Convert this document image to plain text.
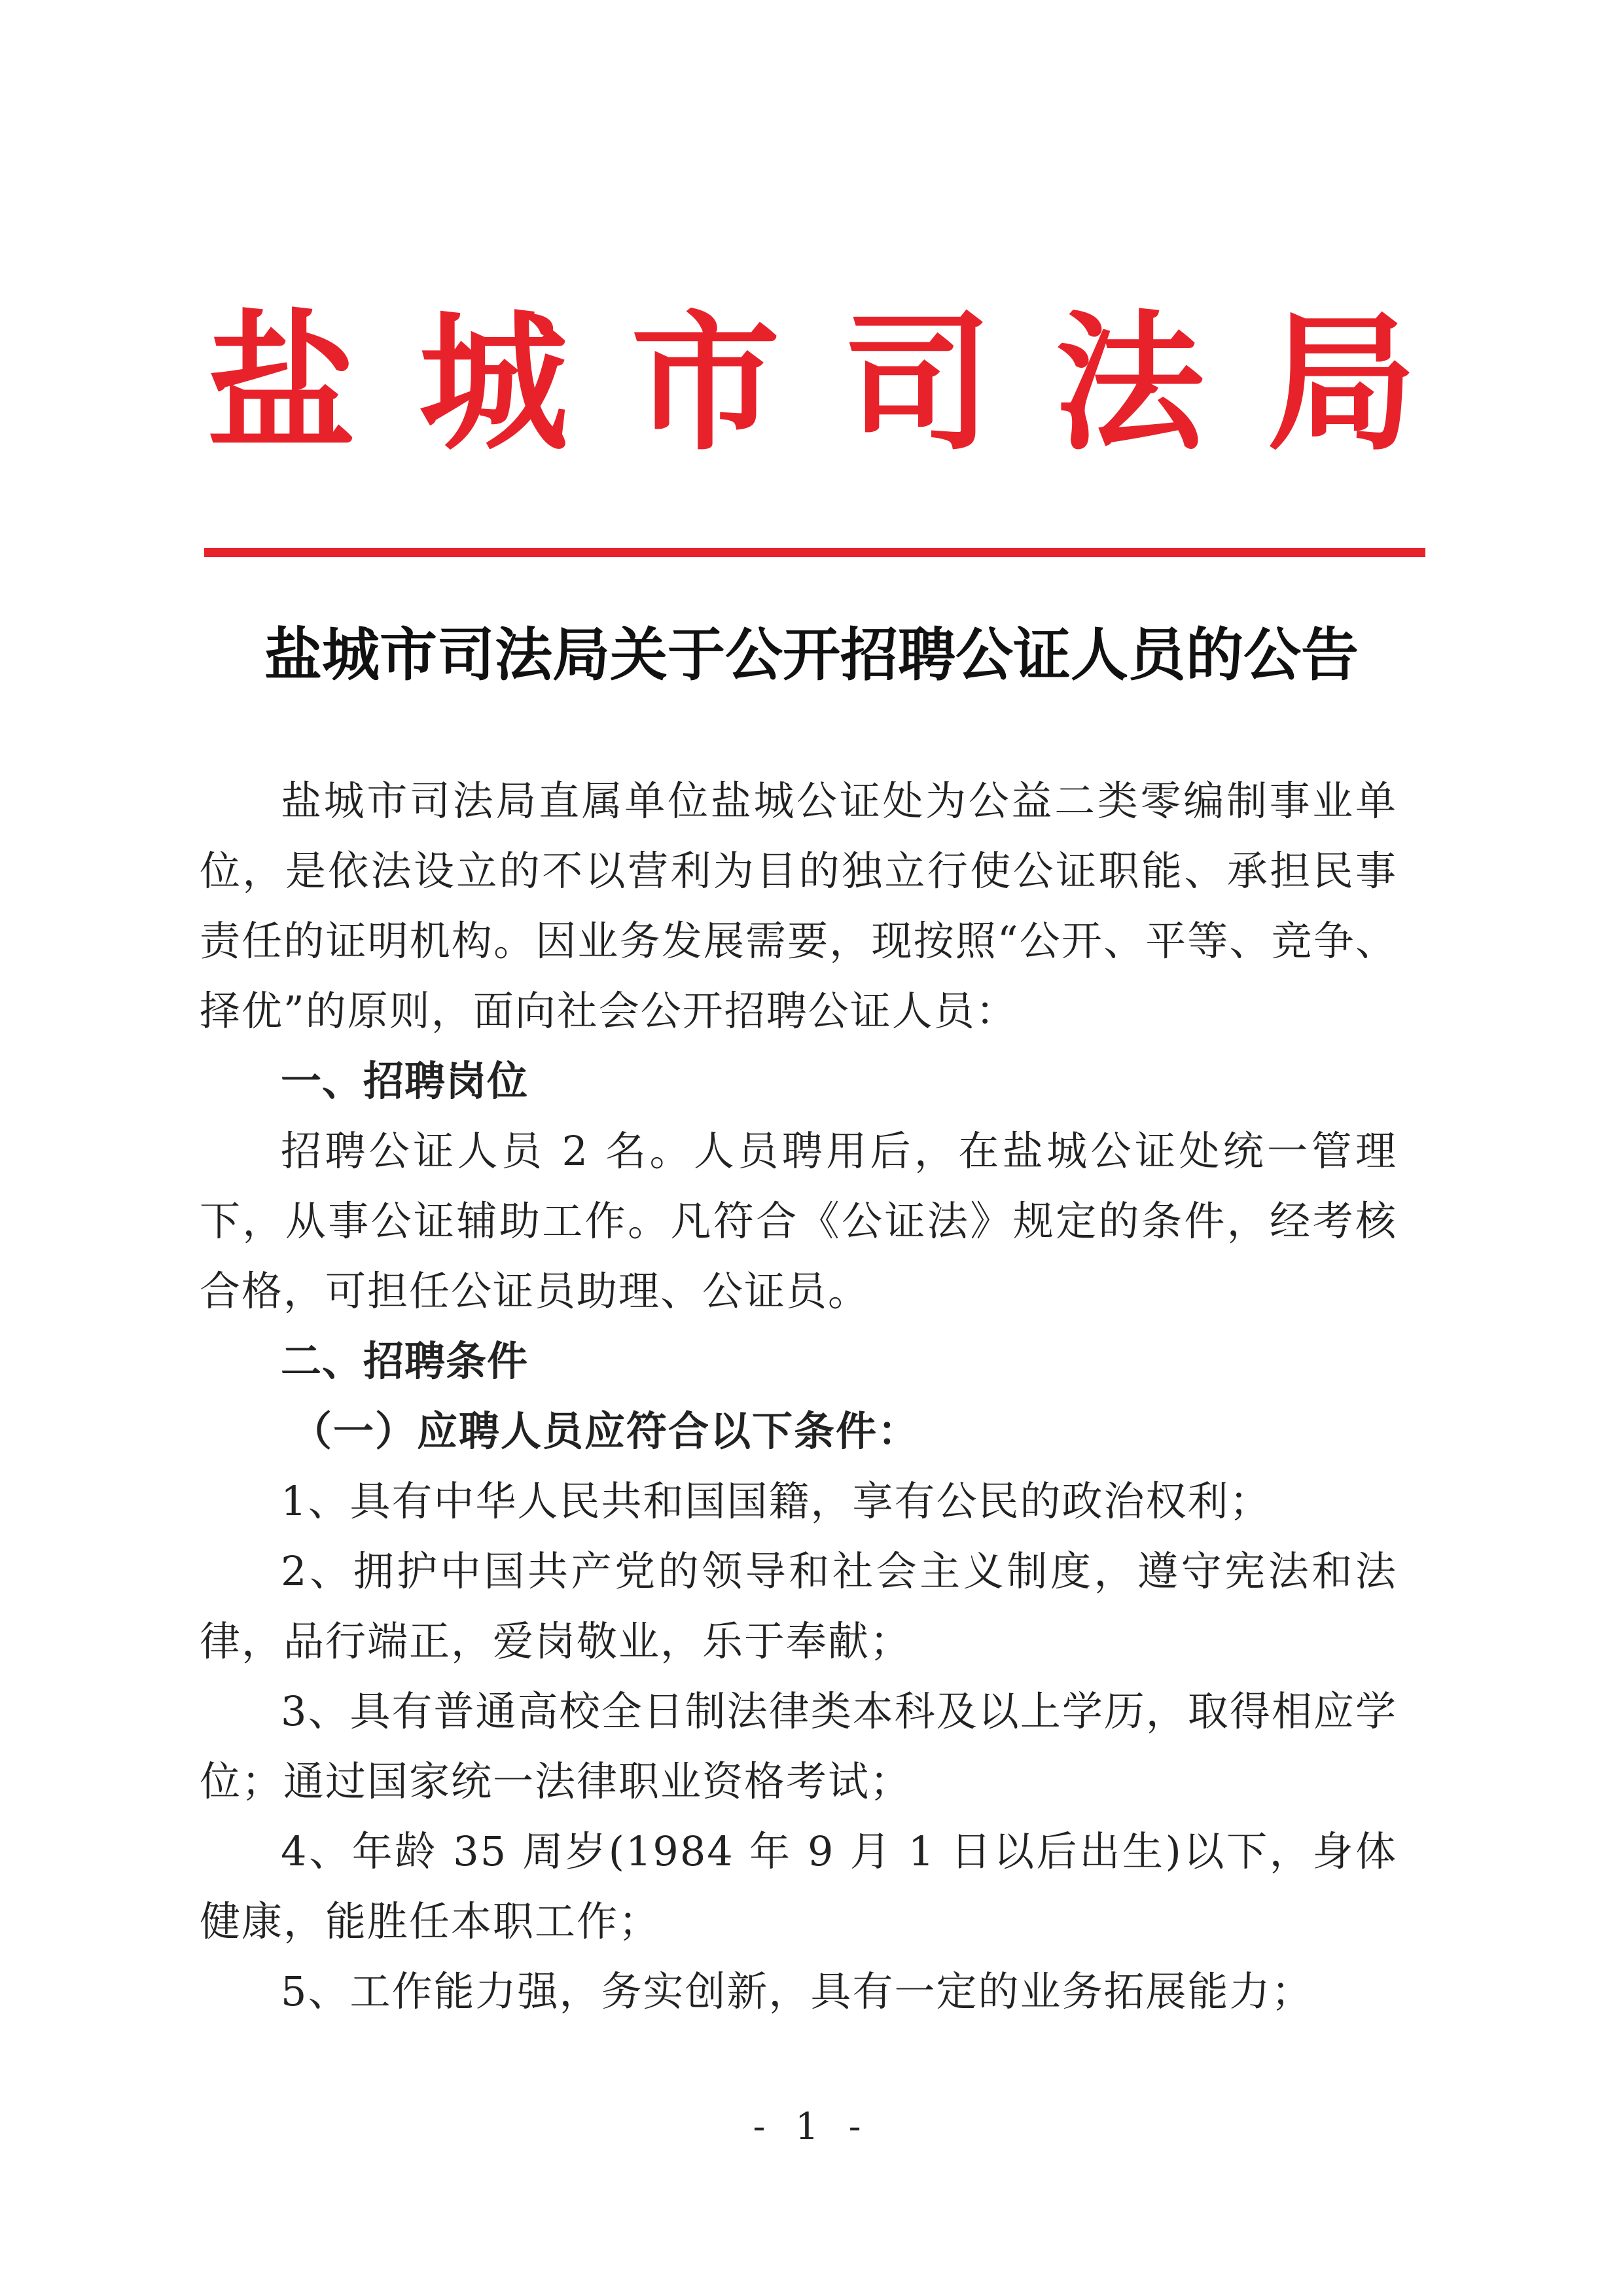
盐城市司法局
盐城市司法局关于公开招聘公证人员的公告

盐城市司法局直属单位盐城公证处为公益二类零编制事业单位，是依法设立的不以营利为目的独立行使公证职能、承担民事责任的证明机构。因业务发展需要，现按照“公开、平等、竞争、择优”的原则，面向社会公开招聘公证人员：

一、招聘岗位

招聘公证人员 2 名。人员聘用后，在盐城公证处统一管理下，从事公证辅助工作。凡符合《公证法》规定的条件，经考核合格，可担任公证员助理、公证员。

二、招聘条件

（一）应聘人员应符合以下条件：

1、具有中华人民共和国国籍，享有公民的政治权利；

2、拥护中国共产党的领导和社会主义制度，遵守宪法和法律，品行端正，爱岗敬业，乐于奉献；

3、具有普通高校全日制法律类本科及以上学历，取得相应学位；通过国家统一法律职业资格考试；

4、年龄 35 周岁(1984 年 9 月 1 日以后出生)以下，身体健康，能胜任本职工作；

5、工作能力强，务实创新，具有一定的业务拓展能力；

- 1 -
